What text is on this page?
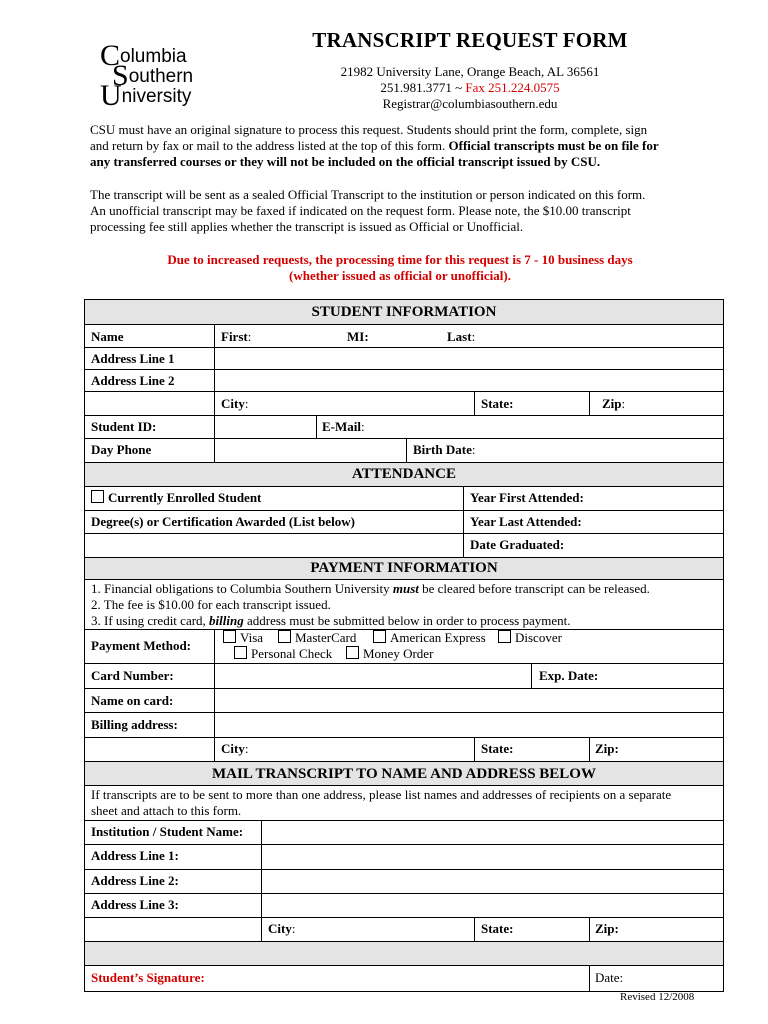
Columbia
Southern
University
TRANSCRIPT REQUEST FORM
21982 University Lane, Orange Beach, AL 36561
251.981.3771 ~ Fax 251.224.0575
Registrar@columbiasouthern.edu
CSU must have an original signature to process this request. Students should print the form, complete, sign
and return by fax or mail to the address listed at the top of this form. Official transcripts must be on file for
any transferred courses or they will not be included on the official transcript issued by CSU.
The transcript will be sent as a sealed Official Transcript to the institution or person indicated on this form.
An unofficial transcript may be faxed if indicated on the request form. Please note, the $10.00 transcript
processing fee still applies whether the transcript is issued as Official or Unofficial.
Due to increased requests, the processing time for this request is 7 - 10 business days
(whether issued as official or unofficial).
STUDENT INFORMATION
Name	First:	MI:	Last:
Address Line 1
Address Line 2
City:	State:	Zip:
Student ID:	E-Mail:
Day Phone	Birth Date:
ATTENDANCE
Currently Enrolled Student	Year First Attended:
Degree(s) or Certification Awarded (List below)	Year Last Attended:
Date Graduated:
PAYMENT INFORMATION
1. Financial obligations to Columbia Southern University must be cleared before transcript can be released.
2. The fee is $10.00 for each transcript issued.
3. If using credit card, billing address must be submitted below in order to process payment.
Payment Method:
Visa	MasterCard	American Express	Discover
Personal Check	Money Order
Card Number:	Exp. Date:
Name on card:
Billing address:
City:	State:	Zip:
MAIL TRANSCRIPT TO NAME AND ADDRESS BELOW
If transcripts are to be sent to more than one address, please list names and addresses of recipients on a separate
sheet and attach to this form.
Institution / Student Name:
Address Line 1:
Address Line 2:
Address Line 3:
City:	State:	Zip:
Student’s Signature:	Date:
Revised 12/2008
